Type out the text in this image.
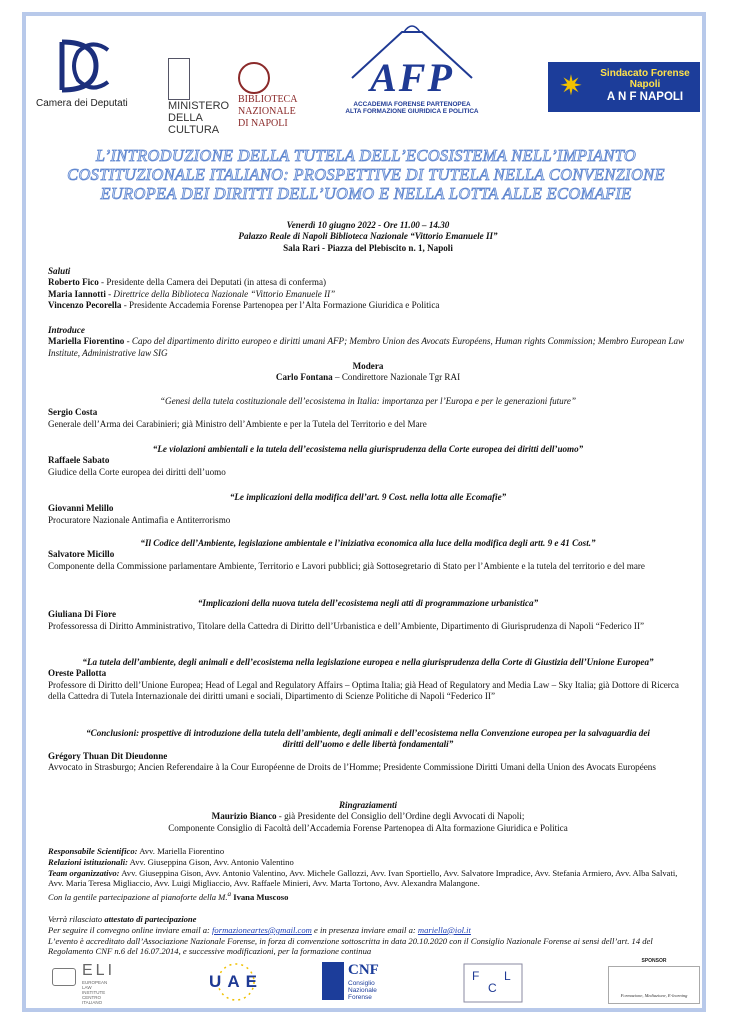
Camera dei Deputati	MINISTERO
DELLA
CULTURA
BIBLIOTECA
NAZIONALE
DI NAPOLI
AFP
ACCADEMIA FORENSE PARTENOPEA
ALTA FORMAZIONE GIURIDICA E POLITICA
✷	Sindacato Forense
Napoli
A N F NAPOLI
L’INTRODUZIONE DELLA TUTELA DELL’ECOSISTEMA NELL’IMPIANTO
COSTITUZIONALE ITALIANO: PROSPETTIVE DI TUTELA NELLA CONVENZIONE
EUROPEA DEI DIRITTI DELL’UOMO E NELLA LOTTA ALLE ECOMAFIE
Venerdì 10 giugno 2022 - Ore 11.00 – 14.30
Palazzo Reale di Napoli Biblioteca Nazionale “Vittorio Emanuele II”
Sala Rari - Piazza del Plebiscito n. 1, Napoli
Saluti
Roberto Fico - Presidente della Camera dei Deputati (in attesa di conferma)
Maria Iannotti - Direttrice della Biblioteca Nazionale “Vittorio Emanuele II”
Vincenzo Pecorella - Presidente Accademia Forense Partenopea per l’Alta Formazione Giuridica e Politica
Introduce
Mariella Fiorentino - Capo del dipartimento diritto europeo e diritti umani AFP; Membro Union des Avocats Européens, Human rights Commission; Membro European Law Institute, Administrative law SIG
Modera
Carlo Fontana – Condirettore Nazionale Tgr RAI
“Genesi della tutela costituzionale dell’ecosistema in Italia: importanza per l’Europa e per le generazioni future”
Sergio Costa
Generale dell’Arma dei Carabinieri; già Ministro dell’Ambiente e per la Tutela del Territorio e del Mare
“Le violazioni ambientali e la tutela dell’ecosistema nella giurisprudenza della Corte europea dei diritti dell’uomo”
Raffaele Sabato
Giudice della Corte europea dei diritti dell’uomo
“Le implicazioni della modifica dell’art. 9 Cost. nella lotta alle Ecomafie”
Giovanni Melillo
Procuratore Nazionale Antimafia e Antiterrorismo
“Il Codice dell’Ambiente, legislazione ambientale e l’iniziativa economica alla luce della modifica degli artt. 9 e 41 Cost.”
Salvatore Micillo
Componente della Commissione parlamentare Ambiente, Territorio e Lavori pubblici; già Sottosegretario di Stato per l’Ambiente e la tutela del territorio e del mare
“Implicazioni della nuova tutela dell’ecosistema negli atti di programmazione urbanistica”
Giuliana Di Fiore
Professoressa di Diritto Amministrativo, Titolare della Cattedra di Diritto dell’Urbanistica e dell’Ambiente, Dipartimento di Giurisprudenza di Napoli “Federico II”
“La tutela dell’ambiente, degli animali e dell’ecosistema nella legislazione europea e nella giurisprudenza della Corte di Giustizia dell’Unione Europea”
Oreste Pallotta
Professore di Diritto dell’Unione Europea; Head of Legal and Regulatory Affairs – Optima Italia; già Head of Regulatory and Media Law – Sky Italia; già Dottore di Ricerca della Cattedra di Tutela Internazionale dei diritti umani e sociali, Dipartimento di Scienze Politiche di Napoli “Federico II”
“Conclusioni: prospettive di introduzione della tutela dell’ambiente, degli animali e dell’ecosistema nella Convenzione europea per la salvaguardia dei diritti dell’uomo e delle libertà fondamentali”
Grégory Thuan Dit Dieudonne
Avvocato in Strasburgo; Ancien Referendaire à la Cour Européenne de Droits de l’Homme; Presidente Commissione Diritti Umani della Union des Avocats Européens
Ringraziamenti
Maurizio Bianco - già Presidente del Consiglio dell’Ordine degli Avvocati di Napoli;
Componente Consiglio di Facoltà dell’Accademia Forense Partenopea di Alta formazione Giuridica e Politica
Responsabile Scientifico: Avv. Mariella Fiorentino
Relazioni istituzionali: Avv. Giuseppina Gison, Avv. Antonio Valentino
Team organizzativo: Avv. Giuseppina Gison, Avv. Antonio Valentino, Avv. Michele Gallozzi, Avv. Ivan Sportiello, Avv. Salvatore Impradice, Avv. Stefania Armiero, Avv. Alba Salvati, Avv. Maria Teresa Migliaccio, Avv. Luigi Migliaccio, Avv. Raffaele Minieri, Avv. Marta Tortono, Avv. Alexandra Malangone.
Con la gentile partecipazione al pianoforte della M.$^a$ Ivana Muscoso
Verrà rilasciato attestato di partecipazione
Per seguire il convegno online inviare email a: formazioneartes@gmail.com e in presenza inviare email a: mariella@iol.it
L’evento è accreditato dall’Associazione Nazionale Forense, in forza di convenzione sottoscritta in data 20.10.2020 con il Consiglio Nazionale Forense ai sensi dell’art. 14 del Regolamento CNF n.6 del 16.07.2014, e successive modificazioni, per la formazione continua
ELI
EUROPEAN
LAW
INSTITUTE
CENTRO
ITALIANO
UAE
CNF
Consiglio
Nazionale
Forense
F
C
L
SPONSOR
Formazione, Mediazione, E-learning
